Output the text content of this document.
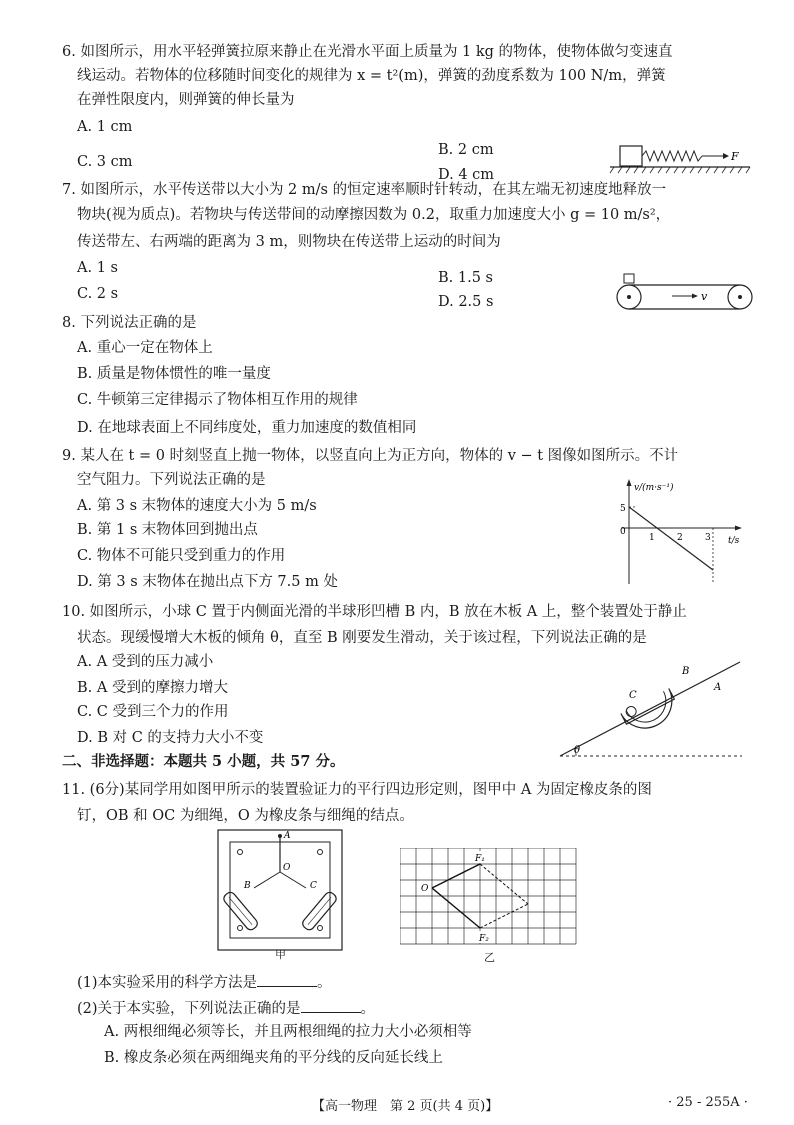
6. 如图所示，用水平轻弹簧拉原来静止在光滑水平面上质量为 1 kg 的物体，使物体做匀变速直
线运动。若物体的位移随时间变化的规律为 x = t²(m)，弹簧的劲度系数为 100 N/m，弹簧
在弹性限度内，则弹簧的伸长量为
A. 1 cm
B. 2 cm
C. 3 cm
D. 4 cm
F
7. 如图所示，水平传送带以大小为 2 m/s 的恒定速率顺时针转动，在其左端无初速度地释放一
物块(视为质点)。若物块与传送带间的动摩擦因数为 0.2，取重力加速度大小 g = 10 m/s²，
传送带左、右两端的距离为 3 m，则物块在传送带上运动的时间为
A. 1 s
B. 1.5 s
C. 2 s	D. 2.5 s	v
8. 下列说法正确的是
A. 重心一定在物体上
B. 质量是物体惯性的唯一量度
C. 牛顿第三定律揭示了物体相互作用的规律
D. 在地球表面上不同纬度处，重力加速度的数值相同
9. 某人在 t = 0 时刻竖直上抛一物体，以竖直向上为正方向，物体的 v − t 图像如图所示。不计
空气阻力。下列说法正确的是
A. 第 3 s 末物体的速度大小为 5 m/s
B. 第 1 s 末物体回到抛出点
C. 物体不可能只受到重力的作用
D. 第 3 s 末物体在抛出点下方 7.5 m 处
v/(m·s⁻¹)
t/s
5
0
1 2 3
10. 如图所示，小球 C 置于内侧面光滑的半球形凹槽 B 内，B 放在木板 A 上，整个装置处于静止
状态。现缓慢增大木板的倾角 θ，直至 B 刚要发生滑动，关于该过程，下列说法正确的是
A. A 受到的压力减小
B. A 受到的摩擦力增大
C. C 受到三个力的作用
D. B 对 C 的支持力大小不变
θ
C
B
A
二、非选择题：本题共 5 小题，共 57 分。
11. (6分)某同学用如图甲所示的装置验证力的平行四边形定则，图甲中 A 为固定橡皮条的图
钉，OB 和 OC 为细绳，O 为橡皮条与细绳的结点。
A
O
B	C
甲
O
F₁
F₂
乙
(1)本实验采用的科学方法是	。
(2)关于本实验，下列说法正确的是	。
A. 两根细绳必须等长，并且两根细绳的拉力大小必须相等
B. 橡皮条必须在两细绳夹角的平分线的反向延长线上
【高一物理　第 2 页(共 4 页)】	· 25 - 255A ·
